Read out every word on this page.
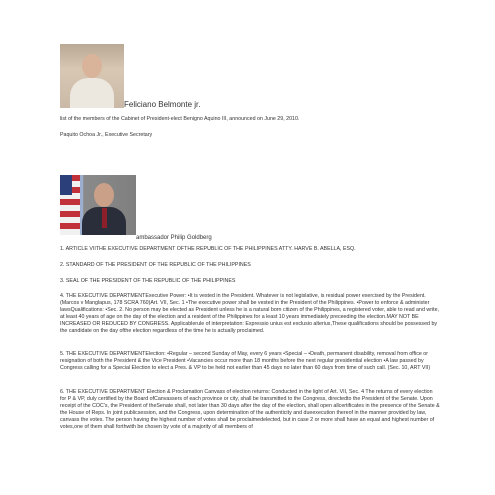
Feliciano Belmonte jr.
list of the members of the Cabinet of President-elect Benigno Aquino III, announced on June 29, 2010.
Paquito Ochoa Jr., Executive Secretary
ambassador Philip Goldberg
1. ARTICLE VIITHE EXECUTIVE DEPARTMENT OFTHE REPUBLIC OF THE PHILIPPINES ATTY. HARVE B. ABELLA, ESQ.
2. STANDARD OF THE PRESIDENT OF THE REPUBLIC OF THE PHILIPPINES
3. SEAL OF THE PRESIDENT OF THE REPUBLIC OF THE PHILIPPINES
4. THE EXECUTIVE DEPARTMENTExecutive Power: •It is vested in the President. Whatever is not legislative, is residual power exercised by the President. (Marcos v Manglapus, 178 SCRA 760)Art. VII, Sec. 1 •The executive power shall be vested in the President of the Philippines. •Power to enforce & administer lawsQualifications: •Sec. 2. No person may be elected as President unless he is a natural born citizen of the Philippines, a registered voter, able to read and write, at least 40 years of age on the day of the election and a resident of the Philippines for a least 10 years immediately preceeding the election.MAY NOT BE INCREASED OR REDUCED BY CONGRESS. Applicablerule of interpretation: Expressio unius est exclusio alterius,These qualifications should be possessed by the candidate on the day ofthe election regardless of the time he is actually proclaimed.
5. THE EXECUTIVE DEPARTMENTElection: •Regular – second Sunday of May, every 6 years •Special – •Death, permanent disability, removal from office or resignation of both the President & the Vice President •Vacancies occur more than 18 months before the next regular presidential election •A law passed by Congress calling for a Special Election to elect a Pres. & VP to be held not earlier than 45 days no later than 60 days from time of such call. (Sec. 10, ART VII)
6. THE EXECUTIVE DEPARTMENT Election & Proclamation Canvass of election returns: Conducted in the light of Art. VII, Sec. 4 The returns of every election for P & VP, duly certified by the Board ofCanvassers of each province or city, shall be transmitted to the Congress, directedto the President of the Senate. Upon receipt of the COC's, the President of theSenate shall, not later than 30 days after the day of the election, shall open allcertificates in the presence of the Senate & the House of Reps. In joint publicsession, and the Congress, upon determination of the authenticity and dueexecution thereof in the manner provided by law, canvass the votes. The person having the highest number of votes shall be proclaimedelected, but in case 2 or more shall have an equal and highest number of votes,one of them shall forthwith be chosen by vote of a majority of all members of
